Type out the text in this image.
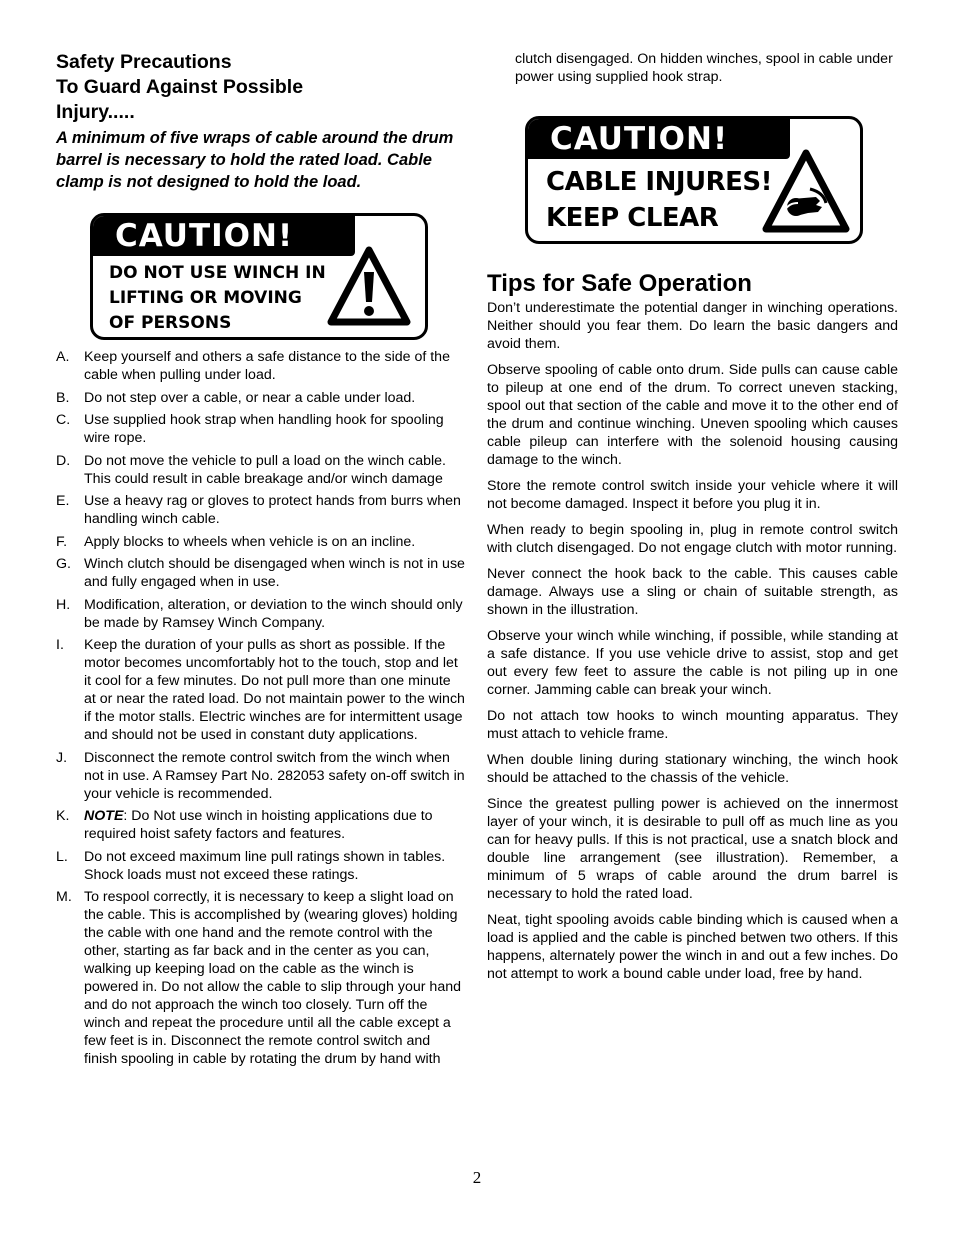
Safety Precautions
To Guard Against Possible
Injury.....

A minimum of five wraps of cable around the drum barrel is necessary to hold the rated load. Cable clamp is not designed to hold the load.

CAUTION!
DO NOT USE WINCH IN
LIFTING OR MOVING
OF PERSONS
A. Keep yourself and others a safe distance to the side of the cable when pulling under load.
B. Do not step over a cable, or near a cable under load.
C. Use supplied hook strap when handling hook for spooling wire rope.
D. Do not move the vehicle to pull a load on the winch cable. This could result in cable breakage and/or winch damage
E. Use a heavy rag or gloves to protect hands from burrs when handling winch cable.
F. Apply blocks to wheels when vehicle is on an incline.
G. Winch clutch should be disengaged when winch is not in use and fully engaged when in use.
H. Modification, alteration, or deviation to the winch should only be made by Ramsey Winch Company.
I. Keep the duration of your pulls as short as possible. If the motor becomes uncomfortably hot to the touch, stop and let it cool for a few minutes. Do not pull more than one minute at or near the rated load. Do not maintain power to the winch if the motor stalls. Electric winches are for intermittent usage and should not be used in constant duty applications.
J. Disconnect the remote control switch from the winch when not in use. A Ramsey Part No. 282053 safety on-off switch in your vehicle is recommended.
K. NOTE: Do Not use winch in hoisting applications due to required hoist safety factors and features.
L. Do not exceed maximum line pull ratings shown in tables. Shock loads must not exceed these ratings.
M. To respool correctly, it is necessary to keep a slight load on the cable. This is accomplished by (wearing gloves) holding the cable with one hand and the remote control with the other, starting as far back and in the center as you can, walking up keeping load on the cable as the winch is powered in. Do not allow the cable to slip through your hand and do not approach the winch too closely. Turn off the winch and repeat the procedure until all the cable except a few feet is in. Disconnect the remote control switch and finish spooling in cable by rotating the drum by hand with

clutch disengaged. On hidden winches, spool in cable under power using supplied hook strap.

CAUTION!
CABLE INJURES!
KEEP CLEAR
Tips for Safe Operation

Don’t underestimate the potential danger in winching operations. Neither should you fear them. Do learn the basic dangers and avoid them.

Observe spooling of cable onto drum. Side pulls can cause cable to pileup at one end of the drum. To correct uneven stacking, spool out that section of the cable and move it to the other end of the drum and continue winching. Uneven spooling which causes cable pileup can interfere with the solenoid housing causing damage to the winch.

Store the remote control switch inside your vehicle where it will not become damaged. Inspect it before you plug it in.

When ready to begin spooling in, plug in remote control switch with clutch disengaged. Do not engage clutch with motor running.

Never connect the hook back to the cable. This causes cable damage. Always use a sling or chain of suitable strength, as shown in the illustration.

Observe your winch while winching, if possible, while standing at a safe distance. If you use vehicle drive to assist, stop and get out every few feet to assure the cable is not piling up in one corner. Jamming cable can break your winch.

Do not attach tow hooks to winch mounting apparatus. They must attach to vehicle frame.

When double lining during stationary winching, the winch hook should be attached to the chassis of the vehicle.

Since the greatest pulling power is achieved on the innermost layer of your winch, it is desirable to pull off as much line as you can for heavy pulls. If this is not practical, use a snatch block and double line arrangement (see illustration). Remember, a minimum of 5 wraps of cable around the drum barrel is necessary to hold the rated load.

Neat, tight spooling avoids cable binding which is caused when a load is applied and the cable is pinched betwen two others. If this happens, alternately power the winch in and out a few inches. Do not attempt to work a bound cable under load, free by hand.

2
